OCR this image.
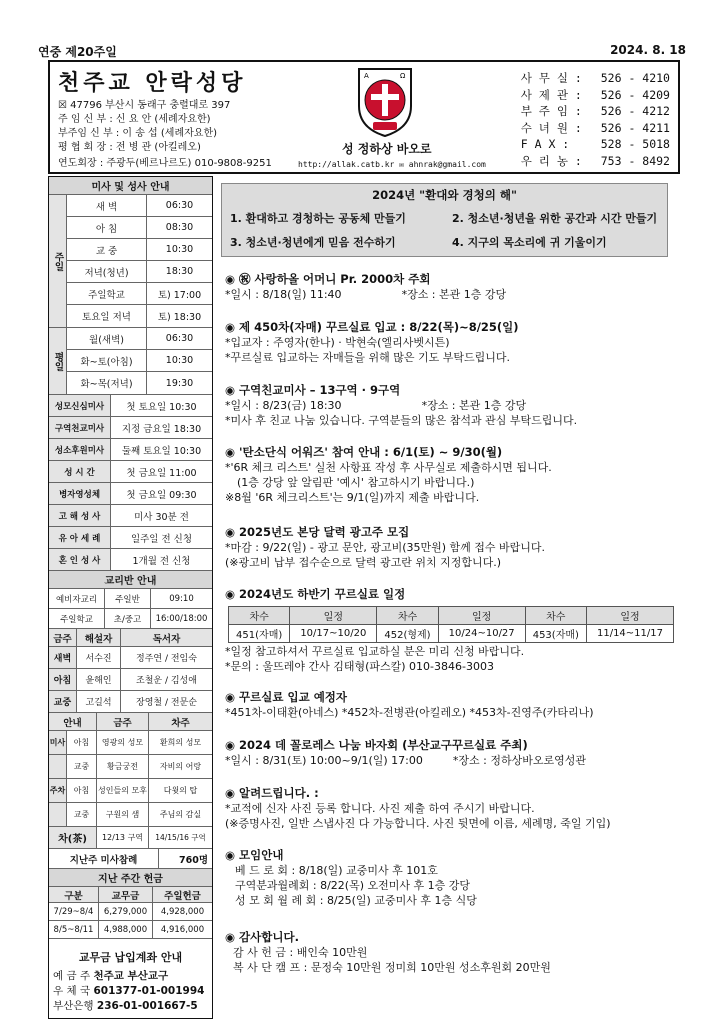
연중 제20주일	2024. 8. 18
천주교 안락성당
☒ 47796 부산시 동래구 충렬대로 397
주 임 신 부 : 신 요 안 (세례자요한)
부주임 신 부 : 이 송 섭 (세례자요한)
평 협 회 장 : 전 병 관 (아킬레오)
연도회장 : 주광두(베르나르도) 010-9808-9251
A	Ω
성 정하상 바오로
http://allak.catb.kr ✉ ahnrak@gmail.com
사 무 실 :	526 - 4210
사 제 관 :	526 - 4209
부 주 임 :	526 - 4212
수 녀 원 :	526 - 4211
F A X :	528 - 5018
우 리 농 :	753 - 8492
미사 및 성사 안내
주일
새 벽	06:30
아 침	08:30
교 중	10:30
저녁(청년)	18:30
주일학교	토) 17:00
토요일 저녁	토) 18:30
평일
월(새벽)	06:30
화~토(아침)	10:30
화~목(저녁)	19:30
성모신심미사	첫 토요일 10:30
구역천교미사	지정 금요일 18:30
성소후원미사	둘째 토요일 10:30
성 시 간	첫 금요일 11:00
병자영성체	첫 금요일 09:30
고 해 성 사	미사 30분 전
유 아 세 례	일주일 전 신청
혼 인 성 사	1개월 전 신청
교리반 안내
예비자교리	주일반	09:10
주일학교	초/중고	16:00/18:00
금주	해설자	독서자
새벽	서수진	정주연 / 전임숙
아침	윤해인	조철운 / 김성애
교중	고길석	장영철 / 전문순
안내	금주	차주
미사	아침	영광의 성모	환희의 성모
교중	황금궁전	자비의 어랑
주차	아침	성인들의 모후	다윗의 탑
교중	구원의 샘	주님의 감실
차(茶)	12/13 구역	14/15/16 구역
지난주 미사참례	760명
지난 주간 헌금
구분	교무금	주일헌금
7/29~8/4	6,279,000	4,928,000
8/5~8/11	4,988,000	4,916,000
교무금 납입계좌 안내
예 금 주 천주교 부산교구
우 체 국 601377-01-001994
부산은행 236-01-001667-5
2024년 "환대와 경청의 해"
1. 환대하고 경청하는 공동체 만들기	2. 청소년·청년을 위한 공간과 시간 만들기
3. 청소년·청년에게 믿음 전수하기	4. 지구의 목소리에 귀 기울이기
◉ ㊗ 사랑하올 어머니 Pr. 2000차 주회
*일시 : 8/18(일) 11:40	*장소 : 본관 1층 강당
◉ 제 450차(자매) 꾸르실료 입교 : 8/22(목)~8/25(일)
*입교자 : 주영자(한나) · 박현숙(엘리사벳시튼)
*꾸르실료 입교하는 자매들을 위해 많은 기도 부탁드립니다.
◉ 구역친교미사 – 13구역 · 9구역
*일시 : 8/23(금) 18:30	*장소 : 본관 1층 강당
*미사 후 친교 나눔 있습니다. 구역분들의 많은 참석과 관심 부탁드립니다.
◉ '탄소단식 어워즈' 참여 안내 : 6/1(토) ~ 9/30(월)
*'6R 체크 리스트' 실천 사항표 작성 후 사무실로 제출하시면 됩니다.
(1층 강당 앞 알림판 '예시' 참고하시기 바랍니다.)
※8월 '6R 체크리스트'는 9/1(일)까지 제출 바랍니다.
◉ 2025년도 본당 달력 광고주 모집
*마감 : 9/22(일) - 광고 문안, 광고비(35만원) 함께 접수 바랍니다.
(※광고비 납부 접수순으로 달력 광고란 위치 지정합니다.)
◉ 2024년도 하반기 꾸르실료 일정
차수	일정	차수	일정	차수	일정
451(자매)	10/17~10/20	452(형제)	10/24~10/27	453(자매)	11/14~11/17
*일정 참고하셔서 꾸르실료 입교하실 분은 미리 신청 바랍니다.
*문의 : 울뜨레야 간사 김태형(파스칼) 010-3846-3003
◉ 꾸르실료 입교 예정자
*451차-이태환(아네스) *452차-전병관(아킬레오) *453차-진영주(카타리나)
◉ 2024 데 꼴로레스 나눔 바자회 (부산교구꾸르실료 주최)
*일시 : 8/31(토) 10:00~9/1(일) 17:00	*장소 : 정하상바오로영성관
◉ 알려드립니다. :
*교적에 신자 사진 등록 합니다. 사진 제출 하여 주시기 바랍니다.
(※증명사진, 일반 스냅사진 다 가능합니다. 사진 뒷면에 이름, 세례명, 죽일 기입)
◉ 모임안내
베 드 로 회 : 8/18(일) 교중미사 후 101호
구역분과월례회 : 8/22(목) 오전미사 후 1층 강당
성 모 회 월 례 회 : 8/25(일) 교중미사 후 1층 식당
◉ 감사합니다.
감 사 헌 금 : 배인숙 10만원
복 사 단 캠 프 : 문정숙 10만원 정미희 10만원 성소후원회 20만원
